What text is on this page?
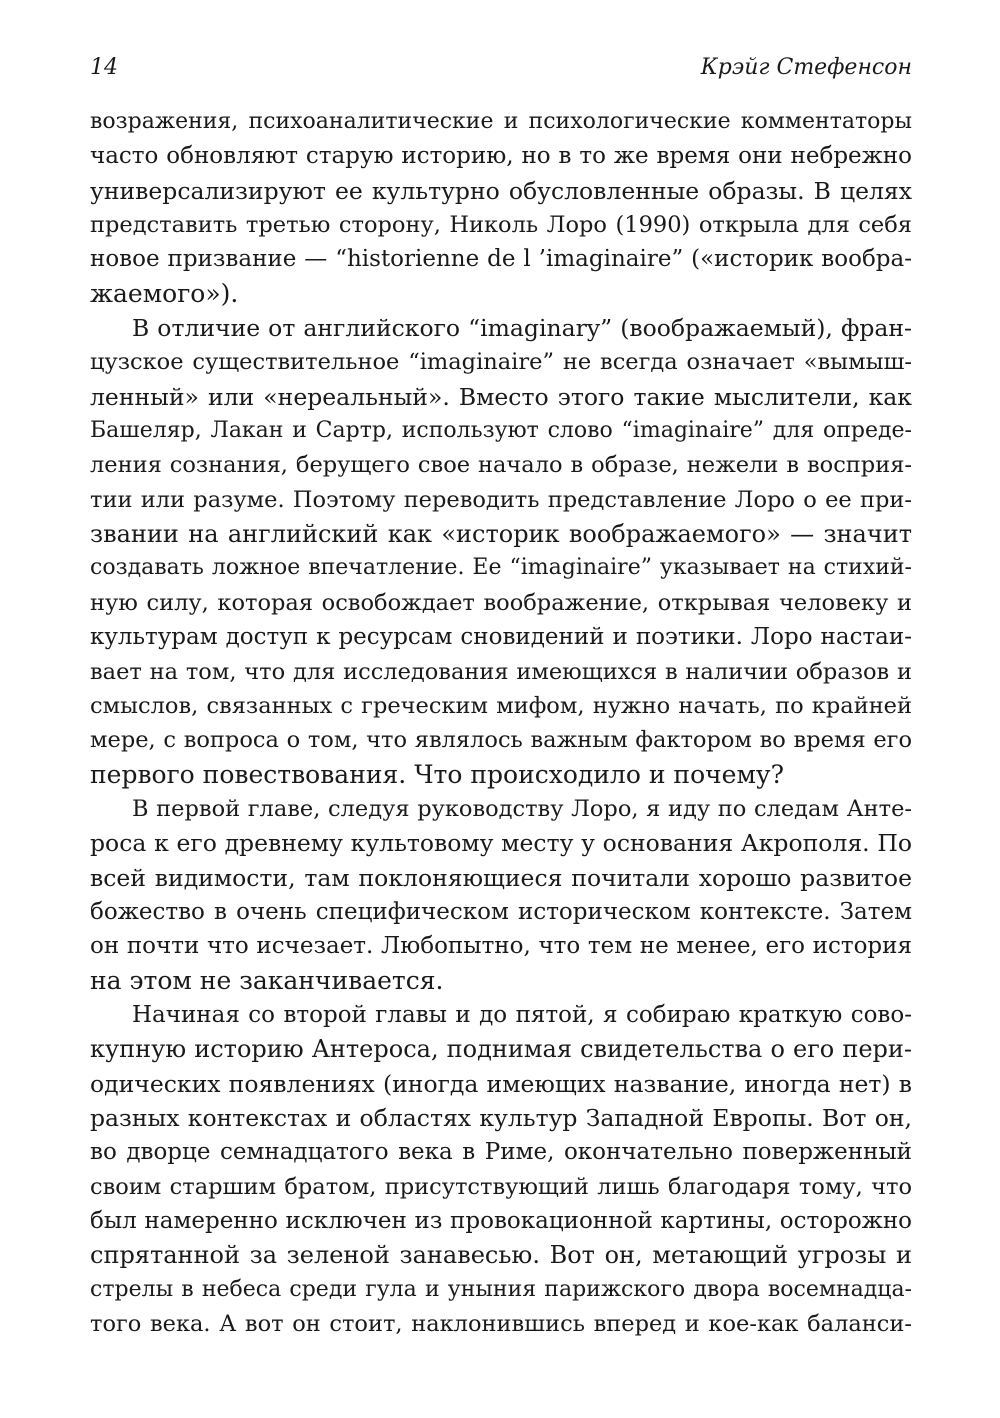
14	Крэйг Стефенсон
возражения, психоаналитические и психологические комментаторы
часто обновляют старую историю, но в то же время они небрежно
универсализируют ее культурно обусловленные образы. В целях
представить третью сторону, Николь Лоро (1990) открыла для себя
новое призвание — “historienne de l ’imaginaire” («историк вообра-
жаемого»).
В отличие от английского “imaginary” (воображаемый), фран-
цузское существительное “imaginaire” не всегда означает «вымыш-
ленный» или «нереальный». Вместо этого такие мыслители, как
Башеляр, Лакан и Сартр, используют слово “imaginaire” для опреде-
ления сознания, берущего свое начало в образе, нежели в восприя-
тии или разуме. Поэтому переводить представление Лоро о ее при-
звании на английский как «историк воображаемого» — значит
создавать ложное впечатление. Ее “imaginaire” указывает на стихий-
ную силу, которая освобождает воображение, открывая человеку и
культурам доступ к ресурсам сновидений и поэтики. Лоро настаи-
вает на том, что для исследования имеющихся в наличии образов и
смыслов, связанных с греческим мифом, нужно начать, по крайней
мере, с вопроса о том, что являлось важным фактором во время его
первого повествования. Что происходило и почему?
В первой главе, следуя руководству Лоро, я иду по следам Анте-
роса к его древнему культовому месту у основания Акрополя. По
всей видимости, там поклоняющиеся почитали хорошо развитое
божество в очень специфическом историческом контексте. Затем
он почти что исчезает. Любопытно, что тем не менее, его история
на этом не заканчивается.
Начиная со второй главы и до пятой, я собираю краткую сово-
купную историю Антероса, поднимая свидетельства о его пери-
одических появлениях (иногда имеющих название, иногда нет) в
разных контекстах и областях культур Западной Европы. Вот он,
во дворце семнадцатого века в Риме, окончательно поверженный
своим старшим братом, присутствующий лишь благодаря тому, что
был намеренно исключен из провокационной картины, осторожно
спрятанной за зеленой занавесью. Вот он, метающий угрозы и
стрелы в небеса среди гула и уныния парижского двора восемнадца-
того века. А вот он стоит, наклонившись вперед и кое-как баланси-
